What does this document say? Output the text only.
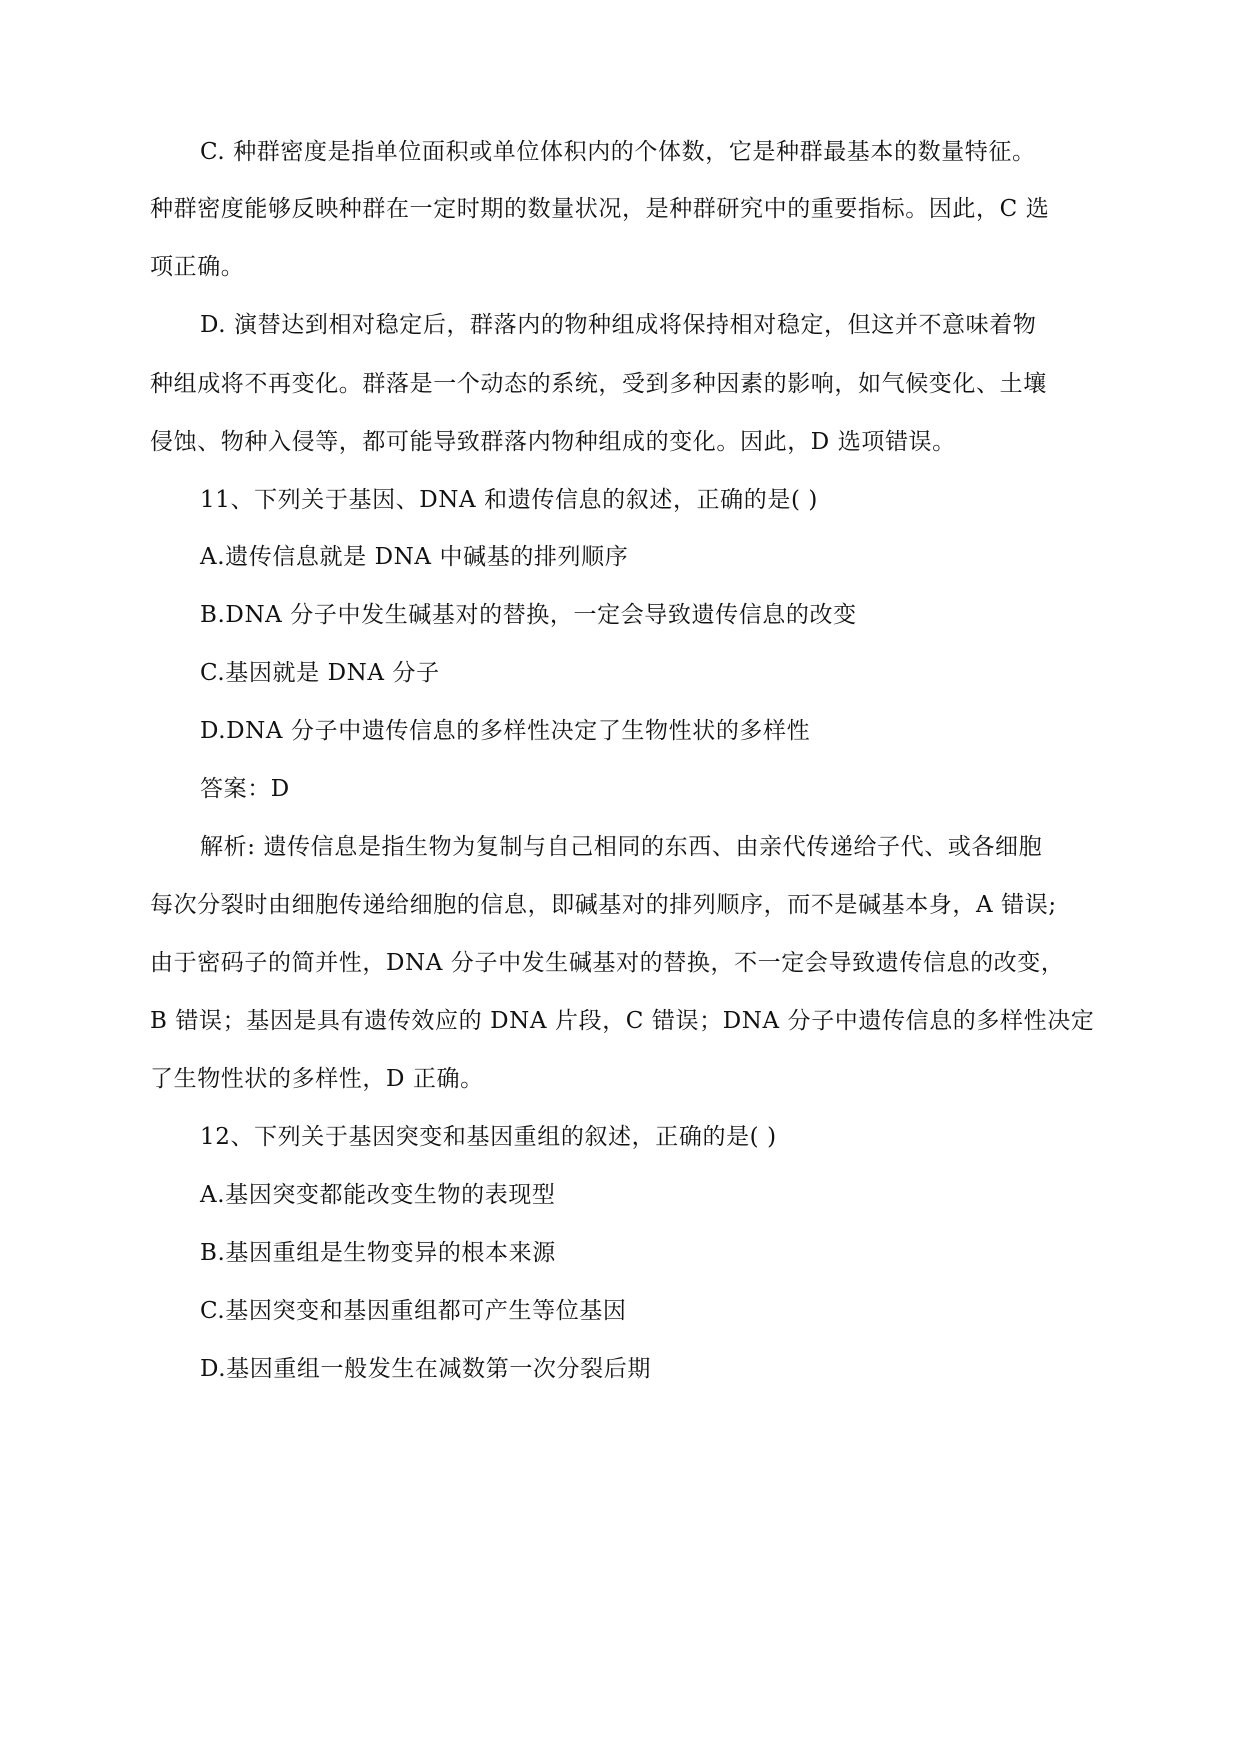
C. 种群密度是指单位面积或单位体积内的个体数，它是种群最基本的数量特征。
种群密度能够反映种群在一定时期的数量状况，是种群研究中的重要指标。因此，C 选
项正确。
D. 演替达到相对稳定后，群落内的物种组成将保持相对稳定，但这并不意味着物
种组成将不再变化。群落是一个动态的系统，受到多种因素的影响，如气候变化、土壤
侵蚀、物种入侵等，都可能导致群落内物种组成的变化。因此，D 选项错误。
11、下列关于基因、DNA 和遗传信息的叙述，正确的是( )
A.遗传信息就是 DNA 中碱基的排列顺序
B.DNA 分子中发生碱基对的替换，一定会导致遗传信息的改变
C.基因就是 DNA 分子
D.DNA 分子中遗传信息的多样性决定了生物性状的多样性
答案：D
解析: 遗传信息是指生物为复制与自己相同的东西、由亲代传递给子代、或各细胞
每次分裂时由细胞传递给细胞的信息，即碱基对的排列顺序，而不是碱基本身，A 错误;
由于密码子的简并性，DNA 分子中发生碱基对的替换，不一定会导致遗传信息的改变，
B 错误；基因是具有遗传效应的 DNA 片段，C 错误；DNA 分子中遗传信息的多样性决定
了生物性状的多样性，D 正确。
12、下列关于基因突变和基因重组的叙述，正确的是( )
A.基因突变都能改变生物的表现型
B.基因重组是生物变异的根本来源
C.基因突变和基因重组都可产生等位基因
D.基因重组一般发生在减数第一次分裂后期
